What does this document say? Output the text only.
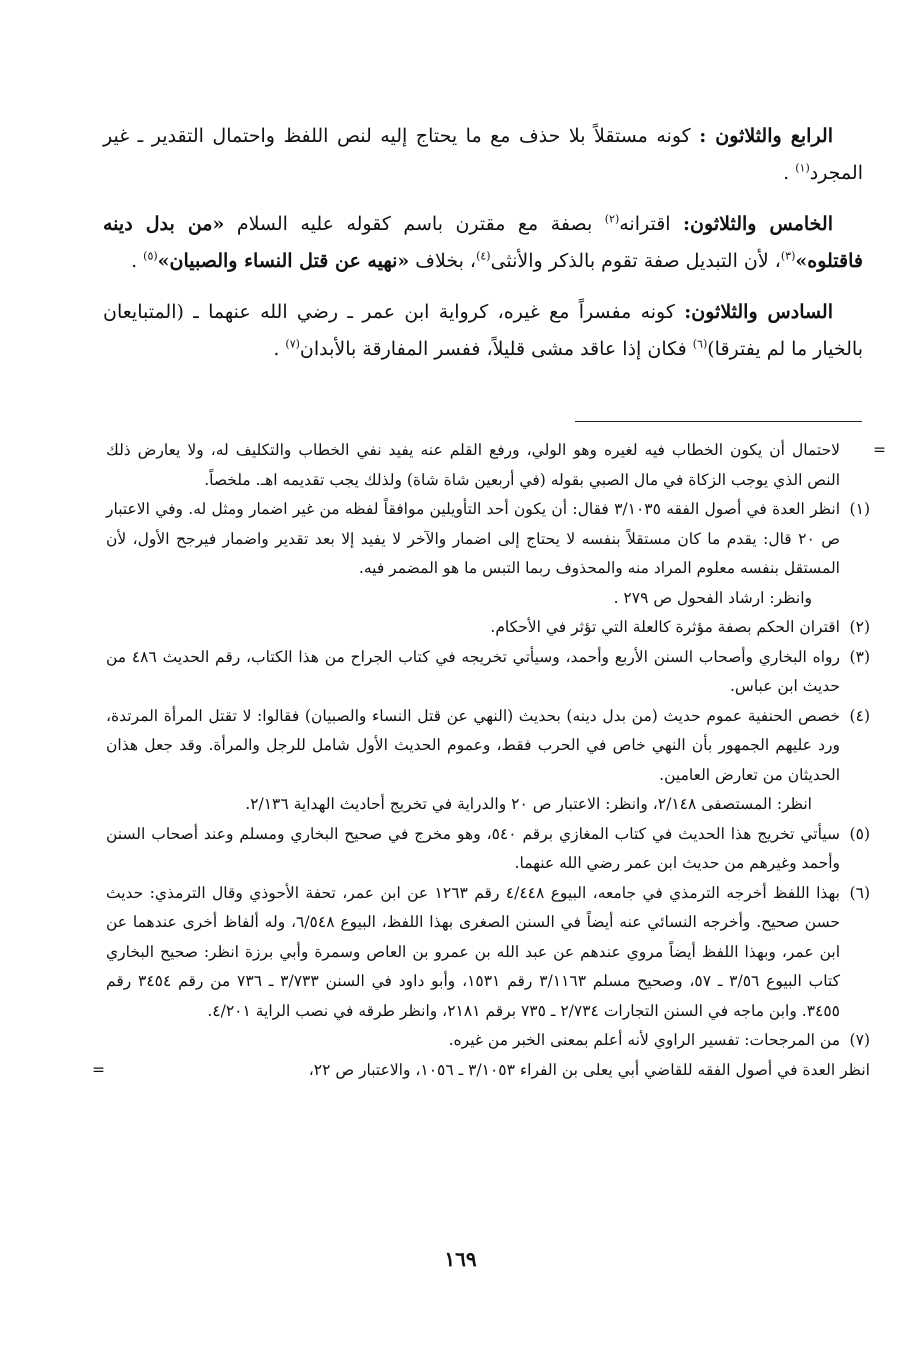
الرابع والثلاثون : كونه مستقلاً بلا حذف مع ما يحتاج إليه لنص اللفظ واحتمال التقدير ـ غير المجرد$^{(١)}$ .

الخامس والثلاثون: اقترانه$^{(٢)}$ بصفة مع مقترن باسم كقوله عليه السلام «من بدل دينه فاقتلوه»$^{(٣)}$، لأن التبديل صفة تقوم بالذكر والأنثى$^{(٤)}$، بخلاف «نهيه عن قتل النساء والصبيان»$^{(٥)}$ .

السادس والثلاثون: كونه مفسراً مع غيره، كرواية ابن عمر ـ رضي الله عنهما ـ (المتبايعان بالخيار ما لم يفترقا)$^{(٦)}$ فكان إذا عاقد مشى قليلاً، ففسر المفارقة بالأبدان$^{(٧)}$ .

=
لاحتمال أن يكون الخطاب فيه لغيره وهو الولي، ورفع القلم عنه يفيد نفي الخطاب والتكليف له، ولا يعارض ذلك النص الذي يوجب الزكاة في مال الصبي بقوله (في أربعين شاة شاة) ولذلك يجب تقديمه اهـ. ملخصاً.

(١)
انظر العدة في أصول الفقه ٣/١٠٣٥ فقال: أن يكون أحد التأويلين موافقاً لفظه من غير اضمار ومثل له. وفي الاعتبار ص ٢٠ قال: يقدم ما كان مستقلاً بنفسه لا يحتاج إلى اضمار والآخر لا يفيد إلا بعد تقدير واضمار فيرجح الأول، لأن المستقل بنفسه معلوم المراد منه والمحذوف ربما التبس ما هو المضمر فيه.

وانظر: ارشاد الفحول ص ٢٧٩ .

(٢)
اقتران الحكم بصفة مؤثرة كالعلة التي تؤثر في الأحكام.

(٣)
رواه البخاري وأصحاب السنن الأربع وأحمد، وسيأتي تخريجه في كتاب الجراح من هذا الكتاب، رقم الحديث ٤٨٦ من حديث ابن عباس.

(٤)
خصص الحنفية عموم حديث (من بدل دينه) بحديث (النهي عن قتل النساء والصبيان) فقالوا: لا تقتل المرأة المرتدة، ورد عليهم الجمهور بأن النهي خاص في الحرب فقط، وعموم الحديث الأول شامل للرجل والمرأة. وقد جعل هذان الحديثان من تعارض العامين.

انظر: المستصفى ٢/١٤٨، وانظر: الاعتبار ص ٢٠ والدراية في تخريج أحاديث الهداية ٢/١٣٦.

(٥)
سيأتي تخريج هذا الحديث في كتاب المغازي برقم ٥٤٠، وهو مخرج في صحيح البخاري ومسلم وعند أصحاب السنن وأحمد وغيرهم من حديث ابن عمر رضي الله عنهما.

(٦)
بهذا اللفظ أخرجه الترمذي في جامعه، البيوع ٤/٤٤٨ رقم ١٢٦٣ عن ابن عمر، تحفة الأحوذي وقال الترمذي: حديث حسن صحيح. وأخرجه النسائي عنه أيضاً في السنن الصغرى بهذا اللفظ، البيوع ٦/٥٤٨، وله ألفاظ أخرى عندهما عن ابن عمر، وبهذا اللفظ أيضاً مروي عندهم عن عبد الله بن عمرو بن العاص وسمرة وأبي برزة انظر: صحيح البخاري كتاب البيوع ٣/٥٦ ـ ٥٧، وصحيح مسلم ٣/١١٦٣ رقم ١٥٣١، وأبو داود في السنن ٣/٧٣٣ ـ ٧٣٦ من رقم ٣٤٥٤ رقم ٣٤٥٥. وابن ماجه في السنن التجارات ٢/٧٣٤ ـ ٧٣٥ برقم ٢١٨١، وانظر طرقه في نصب الراية ٤/٢٠١.

(٧)
من المرجحات: تفسير الراوي لأنه أعلم بمعنى الخبر من غيره.

انظر العدة في أصول الفقه للقاضي أبي يعلى بن الفراء ٣/١٠٥٣ ـ ١٠٥٦، والاعتبار ص ٢٢،
=

١٦٩
